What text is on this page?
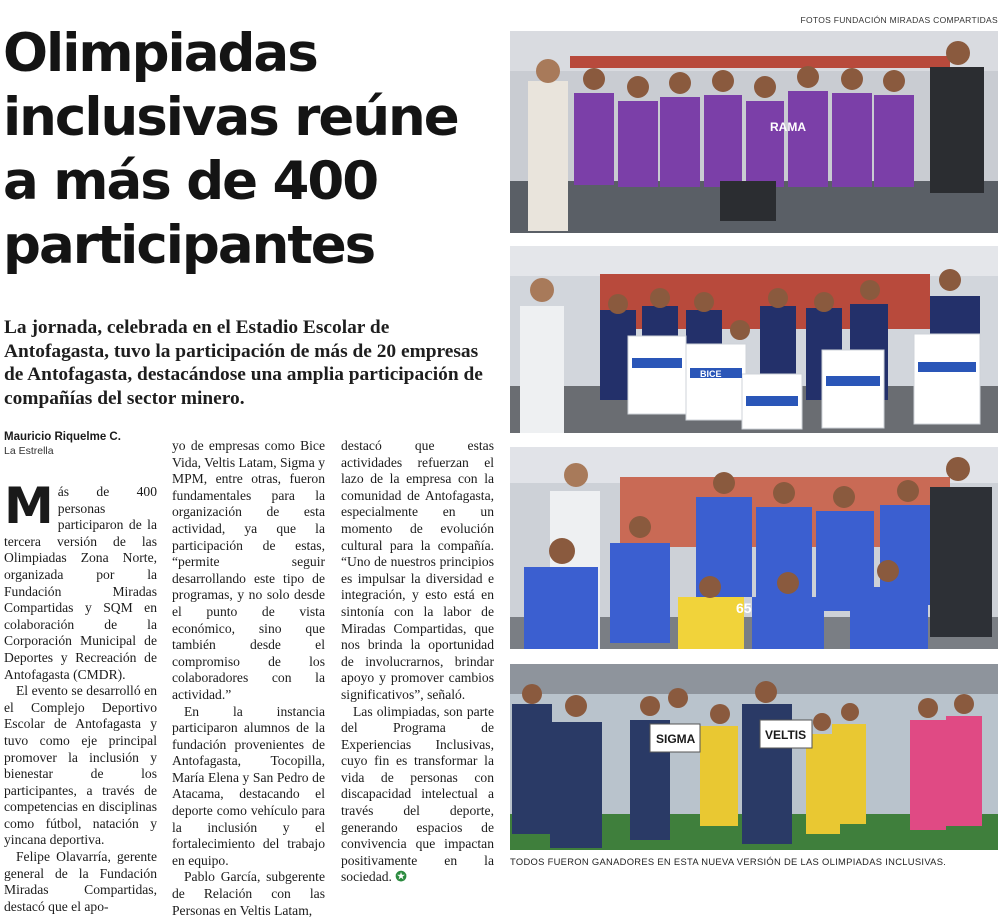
FOTOS FUNDACIÓN MIRADAS COMPARTIDAS
Olimpiadas inclusivas reúne a más de 400 participantes

La jornada, celebrada en el Estadio Escolar de Antofagasta, tuvo la participación de más de 20 empresas de Antofagasta, destacándose una amplia participación de compañías del sector minero.

Mauricio Riquelme C.
La Estrella

Más de 400 personas participaron de la tercera versión de las Olimpiadas Zona Norte, organizada por la Fundación Miradas Compartidas y SQM en colaboración de la Corporación Municipal de Deportes y Recreación de Antofagasta (CMDR).

El evento se desarrolló en el Complejo Deportivo Escolar de Antofagasta y tuvo como eje principal promover la inclusión y bienestar de los participantes, a través de competencias en disciplinas como fútbol, natación y yincana deportiva.

Felipe Olavarría, gerente general de la Fundación Miradas Compartidas, destacó que el apo-

yo de empresas como Bice Vida, Veltis Latam, Sigma y MPM, entre otras, fueron fundamentales para la organización de esta actividad, ya que la participación de estas, “permite seguir desarrollando este tipo de programas, y no solo desde el punto de vista económico, sino que también desde el compromiso de los colaboradores con la actividad.”

En la instancia participaron alumnos de la fundación provenientes de Antofagasta, Tocopilla, María Elena y San Pedro de Atacama, destacando el deporte como vehículo para la inclusión y el fortalecimiento del trabajo en equipo.

Pablo García, subgerente de Relación con las Personas en Veltis Latam,

destacó que estas actividades refuerzan el lazo de la empresa con la comunidad de Antofagasta, especialmente en un momento de evolución cultural para la compañía. “Uno de nuestros principios es impulsar la diversidad e integración, y esto está en sintonía con la labor de Miradas Compartidas, que nos brinda la oportunidad de involucrarnos, brindar apoyo y promover cambios significativos”, señaló.

Las olimpiadas, son parte del Programa de Experiencias Inclusivas, cuyo fin es transformar la vida de personas con discapacidad intelectual a través del deporte, generando espacios de convivencia que impactan positivamente en la sociedad. ✪

RAMA
BICE
65
SIGMA	VELTIS
TODOS FUERON GANADORES EN ESTA NUEVA VERSIÓN DE LAS OLIMPIADAS INCLUSIVAS.
